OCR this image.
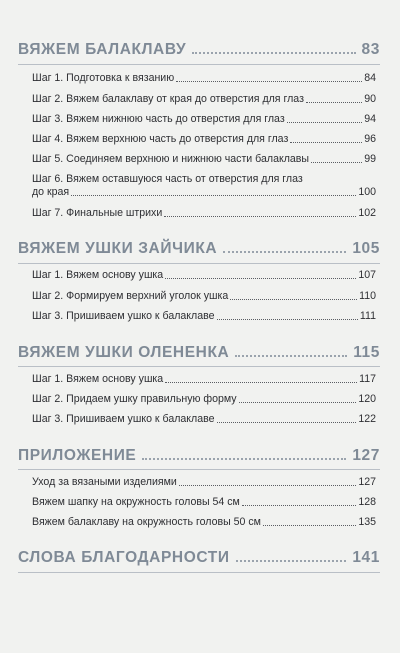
ВЯЖЕМ БАЛАКЛАВУ	83
Шаг 1. Подготовка к вязанию	84
Шаг 2. Вяжем балаклаву от края до отверстия для глаз	90
Шаг 3. Вяжем нижнюю часть до отверстия для глаз	94
Шаг 4. Вяжем верхнюю часть до отверстия для глаз	96
Шаг 5. Соединяем верхнюю и нижнюю части балаклавы	99
Шаг 6. Вяжем оставшуюся часть от отверстия для глаз
до края	100
Шаг 7. Финальные штрихи	102
ВЯЖЕМ УШКИ ЗАЙЧИКА	105
Шаг 1. Вяжем основу ушка	107
Шаг 2. Формируем верхний уголок ушка	110
Шаг 3. Пришиваем ушко к балаклаве	111
ВЯЖЕМ УШКИ ОЛЕНЕНКА	115
Шаг 1. Вяжем основу ушка	117
Шаг 2. Придаем ушку правильную форму	120
Шаг 3. Пришиваем ушко к балаклаве	122
ПРИЛОЖЕНИЕ	127
Уход за вязаными изделиями	127
Вяжем шапку на окружность головы 54 см	128
Вяжем балаклаву на окружность головы 50 см	135
СЛОВА БЛАГОДАРНОСТИ	141
